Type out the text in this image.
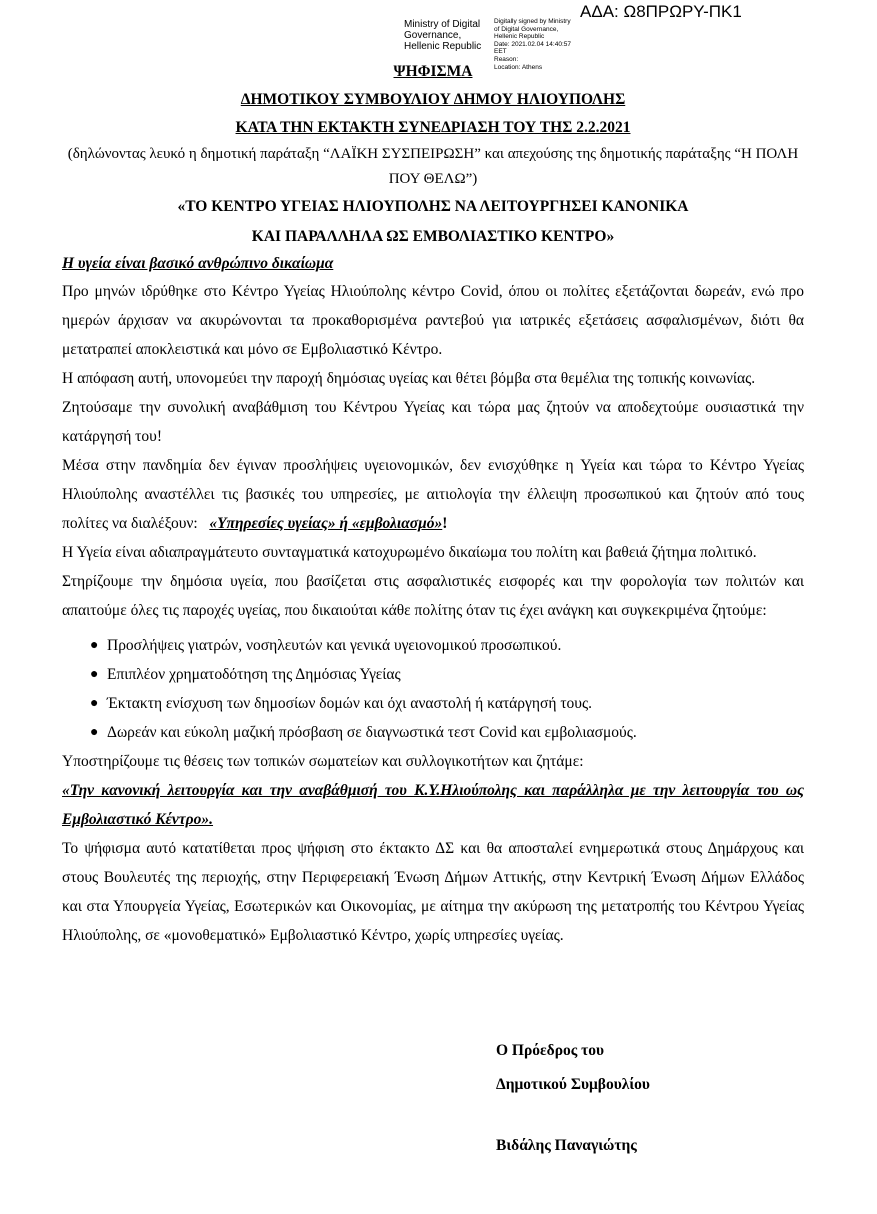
ΑΔΑ: Ω8ΠΡΩΡΥ-ΠΚ1
Ministry of Digital
Governance,
Hellenic Republic
Digitally signed by Ministry
of Digital Governance,
Hellenic Republic
Date: 2021.02.04 14:40:57
EET
Reason:
Location: Athens
ΨΗΦΙΣΜΑ
ΔΗΜΟΤΙΚΟΥ ΣΥΜΒΟΥΛΙΟΥ ΔΗΜΟΥ ΗΛΙΟΥΠΟΛΗΣ
ΚΑΤΑ ΤΗΝ ΕΚΤΑΚΤΗ ΣΥΝΕΔΡΙΑΣΗ ΤΟΥ ΤΗΣ 2.2.2021

(δηλώνοντας λευκό η δημοτική παράταξη “ΛΑΪΚΗ ΣΥΣΠΕΙΡΩΣΗ” και απεχούσης της δημοτικής παράταξης “Η ΠΟΛΗ ΠΟΥ ΘΕΛΩ”)

«ΤΟ ΚΕΝΤΡΟ ΥΓΕΙΑΣ ΗΛΙΟΥΠΟΛΗΣ ΝΑ ΛΕΙΤΟΥΡΓΗΣΕΙ ΚΑΝΟΝΙΚΑ
ΚΑΙ ΠΑΡΑΛΛΗΛΑ ΩΣ ΕΜΒΟΛΙΑΣΤΙΚΟ ΚΕΝΤΡΟ»
Η υγεία είναι βασικό ανθρώπινο δικαίωμα

Προ μηνών ιδρύθηκε στο Κέντρο Υγείας Ηλιούπολης κέντρο Covid, όπου οι πολίτες εξετάζονται δωρεάν, ενώ προ ημερών άρχισαν να ακυρώνονται τα προκαθορισμένα ραντεβού για ιατρικές εξετάσεις ασφαλισμένων, διότι θα μετατραπεί αποκλειστικά και μόνο σε Εμβολιαστικό Κέντρο.

Η απόφαση αυτή, υπονομεύει την παροχή δημόσιας υγείας και θέτει βόμβα στα θεμέλια της τοπικής κοινωνίας.

Ζητούσαμε την συνολική αναβάθμιση του Κέντρου Υγείας και τώρα μας ζητούν να αποδεχτούμε ουσιαστικά την κατάργησή του!

Μέσα στην πανδημία δεν έγιναν προσλήψεις υγειονομικών, δεν ενισχύθηκε η Υγεία και τώρα το Κέντρο Υγείας Ηλιούπολης αναστέλλει τις βασικές του υπηρεσίες, με αιτιολογία την έλλειψη προσωπικού και ζητούν από τους πολίτες να διαλέξουν: «Υπηρεσίες υγείας» ή «εμβολιασμό»!

Η Υγεία είναι αδιαπραγμάτευτο συνταγματικά κατοχυρωμένο δικαίωμα του πολίτη και βαθειά ζήτημα πολιτικό.

Στηρίζουμε την δημόσια υγεία, που βασίζεται στις ασφαλιστικές εισφορές και την φορολογία των πολιτών και απαιτούμε όλες τις παροχές υγείας, που δικαιούται κάθε πολίτης όταν τις έχει ανάγκη και συγκεκριμένα ζητούμε:

● Προσλήψεις γιατρών, νοσηλευτών και γενικά υγειονομικού προσωπικού.
● Επιπλέον χρηματοδότηση της Δημόσιας Υγείας
● Έκτακτη ενίσχυση των δημοσίων δομών και όχι αναστολή ή κατάργησή τους.
● Δωρεάν και εύκολη μαζική πρόσβαση σε διαγνωστικά τεστ Covid και εμβολιασμούς.

Υποστηρίζουμε τις θέσεις των τοπικών σωματείων και συλλογικοτήτων και ζητάμε:

«Την κανονική λειτουργία και την αναβάθμισή του Κ.Υ.Ηλιούπολης και παράλληλα με την λειτουργία του ως Εμβολιαστικό Κέντρο».

Το ψήφισμα αυτό κατατίθεται προς ψήφιση στο έκτακτο ΔΣ και θα αποσταλεί ενημερωτικά στους Δημάρχους και στους Βουλευτές της περιοχής, στην Περιφερειακή Ένωση Δήμων Αττικής, στην Κεντρική Ένωση Δήμων Ελλάδος και στα Υπουργεία Υγείας, Εσωτερικών και Οικονομίας, με αίτημα την ακύρωση της μετατροπής του Κέντρου Υγείας Ηλιούπολης, σε «μονοθεματικό» Εμβολιαστικό Κέντρο, χωρίς υπηρεσίες υγείας.

Ο Πρόεδρος του
Δημοτικού Συμβουλίου
Βιδάλης Παναγιώτης
